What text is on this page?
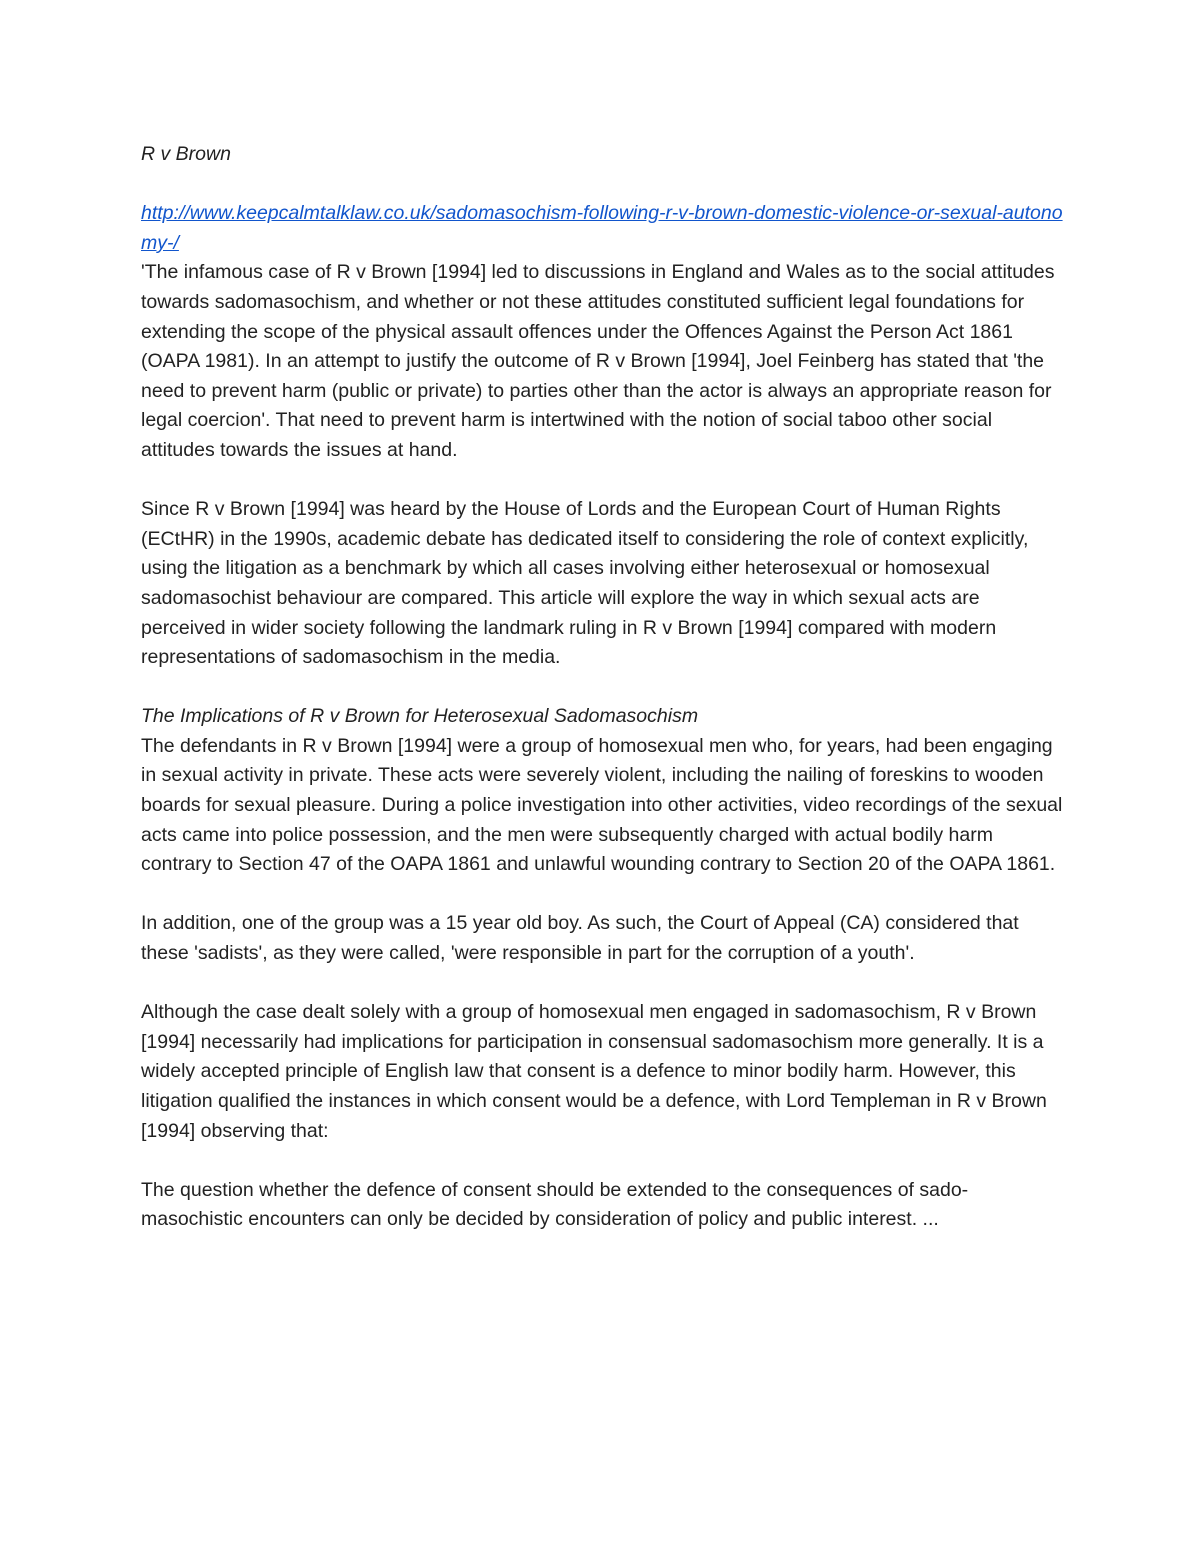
R v Brown

http://www.keepcalmtalklaw.co.uk/sadomasochism-following-r-v-brown-domestic-violence-or-sexual-autonomy-/

'The infamous case of R v Brown [1994] led to discussions in England and Wales as to the social attitudes towards sadomasochism, and whether or not these attitudes constituted sufficient legal foundations for extending the scope of the physical assault offences under the Offences Against the Person Act 1861 (OAPA 1981). In an attempt to justify the outcome of R v Brown [1994], Joel Feinberg has stated that 'the need to prevent harm (public or private) to parties other than the actor is always an appropriate reason for legal coercion'. That need to prevent harm is intertwined with the notion of social taboo other social attitudes towards the issues at hand.

Since R v Brown [1994] was heard by the House of Lords and the European Court of Human Rights (ECtHR) in the 1990s, academic debate has dedicated itself to considering the role of context explicitly, using the litigation as a benchmark by which all cases involving either heterosexual or homosexual sadomasochist behaviour are compared. This article will explore the way in which sexual acts are perceived in wider society following the landmark ruling in R v Brown [1994] compared with modern representations of sadomasochism in the media.

The Implications of R v Brown for Heterosexual Sadomasochism

The defendants in R v Brown [1994] were a group of homosexual men who, for years, had been engaging in sexual activity in private. These acts were severely violent, including the nailing of foreskins to wooden boards for sexual pleasure. During a police investigation into other activities, video recordings of the sexual acts came into police possession, and the men were subsequently charged with actual bodily harm contrary to Section 47 of the OAPA 1861 and unlawful wounding contrary to Section 20 of the OAPA 1861.

In addition, one of the group was a 15 year old boy. As such, the Court of Appeal (CA) considered that these 'sadists', as they were called, 'were responsible in part for the corruption of a youth'.

Although the case dealt solely with a group of homosexual men engaged in sadomasochism, R v Brown [1994] necessarily had implications for participation in consensual sadomasochism more generally. It is a widely accepted principle of English law that consent is a defence to minor bodily harm. However, this litigation qualified the instances in which consent would be a defence, with Lord Templeman in R v Brown [1994] observing that:

The question whether the defence of consent should be extended to the consequences of sado-masochistic encounters can only be decided by consideration of policy and public interest. ...
